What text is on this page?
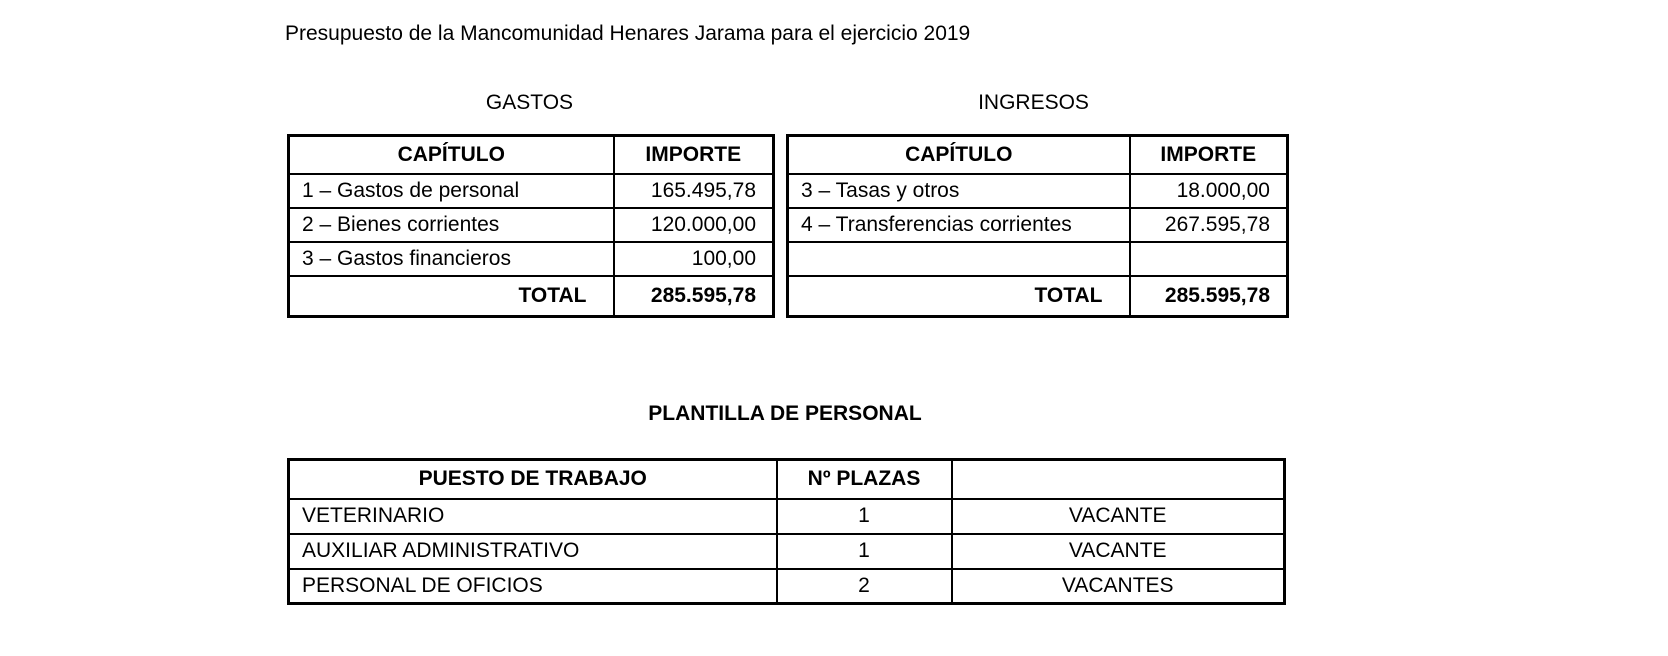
Presupuesto de la Mancomunidad Henares Jarama para el ejercicio 2019
GASTOS	INGRESOS
CAPÍTULO	IMPORTE
1 – Gastos de personal	165.495,78
2 – Bienes corrientes	120.000,00
3 – Gastos financieros	100,00
TOTAL	285.595,78
CAPÍTULO	IMPORTE
3 – Tasas y otros	18.000,00
4 – Transferencias corrientes	267.595,78

TOTAL	285.595,78
PLANTILLA DE PERSONAL
PUESTO DE TRABAJO	Nº PLAZAS	
VETERINARIO	1	VACANTE
AUXILIAR ADMINISTRATIVO	1	VACANTE
PERSONAL DE OFICIOS	2	VACANTES
